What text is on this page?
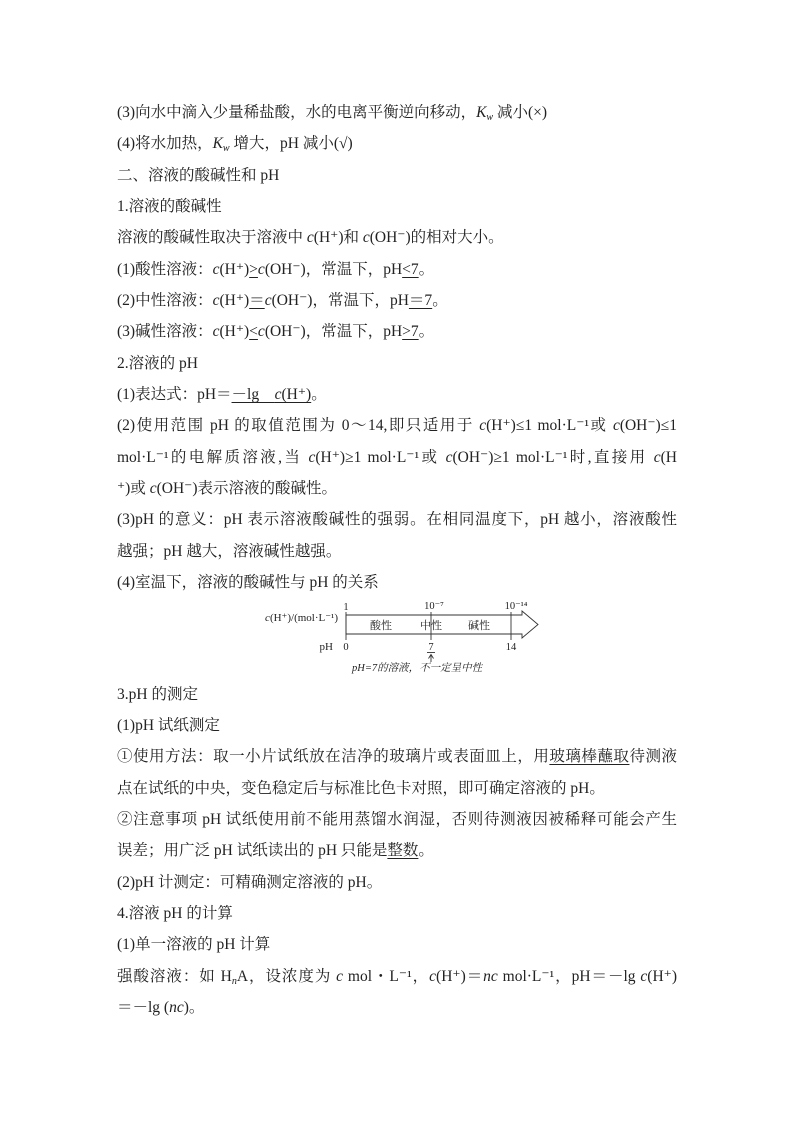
(3)向水中滴入少量稀盐酸，水的电离平衡逆向移动，$K_w$ 减小(×)
(4)将水加热，$K_w$ 增大，pH 减小(√)
二、溶液的酸碱性和 pH
1.溶液的酸碱性
溶液的酸碱性取决于溶液中 c(H⁺)和 c(OH⁻)的相对大小。
(1)酸性溶液：c(H⁺)>c(OH⁻)，常温下，pH<7。
(2)中性溶液：c(H⁺)＝c(OH⁻)，常温下，pH＝7。
(3)碱性溶液：c(H⁺)<c(OH⁻)，常温下，pH>7。
2.溶液的 pH
(1)表达式：pH＝－lg　c(H⁺)。
(2)使用范围 pH 的取值范围为 0～14,即只适用于 c(H⁺)≤1 mol·L⁻¹或 c(OH⁻)≤1
mol·L⁻¹的电解质溶液,当 c(H⁺)≥1 mol·L⁻¹或 c(OH⁻)≥1 mol·L⁻¹时,直接用 c(H
⁺)或 c(OH⁻)表示溶液的酸碱性。
(3)pH 的意义：pH 表示溶液酸碱性的强弱。在相同温度下，pH 越小，溶液酸性
越强；pH 越大，溶液碱性越强。
(4)室温下，溶液的酸碱性与 pH 的关系
c(H⁺)/(mol·L⁻¹)
1	10⁻⁷	10⁻¹⁴
酸性	中性 碱性
pH 0	7	14
pH=7的溶液，不一定呈中性
3.pH 的测定
(1)pH 试纸测定
①使用方法：取一小片试纸放在洁净的玻璃片或表面皿上，用玻璃棒蘸取待测液
点在试纸的中央，变色稳定后与标准比色卡对照，即可确定溶液的 pH。
②注意事项 pH 试纸使用前不能用蒸馏水润湿，否则待测液因被稀释可能会产生
误差；用广泛 pH 试纸读出的 pH 只能是整数。
(2)pH 计测定：可精确测定溶液的 pH。
4.溶液 pH 的计算
(1)单一溶液的 pH 计算
强酸溶液：如 $H_nA$，设浓度为 c mol・L⁻¹，c(H⁺)＝nc mol·L⁻¹，pH＝－lg c(H⁺)
＝－lg (nc)。
